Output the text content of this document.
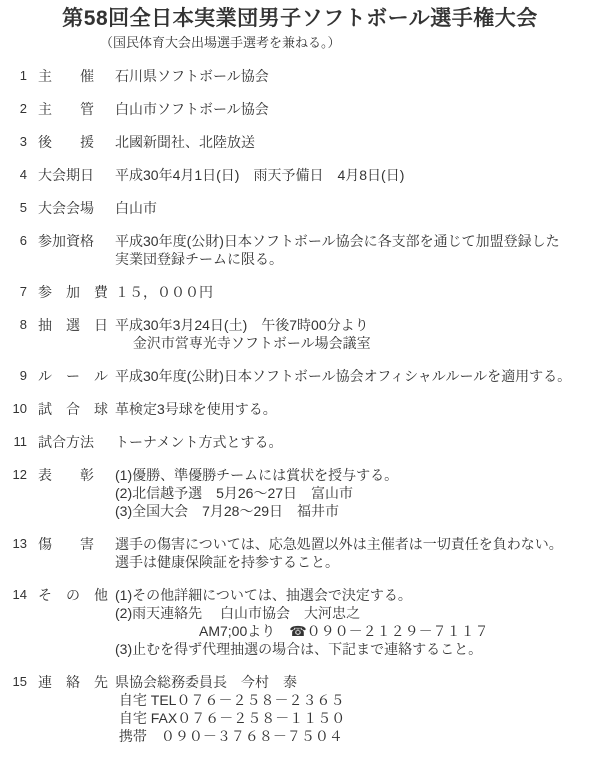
第58回全日本実業団男子ソフトボール選手権大会
（国民体育大会出場選手選考を兼ねる。）
1 主　　催	石川県ソフトボール協会
2 主　　管	白山市ソフトボール協会
3 後　　援	北國新聞社、北陸放送
4 大会期日	平成30年4月1日(日)　雨天予備日　4月8日(日)
5 大会会場	白山市
6 参加資格	平成30年度(公財)日本ソフトボール協会に各支部を通じて加盟登録した
実業団登録チームに限る。
7 参　加　費 １５，０００円
8 抽　選　日 平成30年3月24日(土)　午後7時00分より
　 金沢市営専光寺ソフトボール場会議室
9 ル　ー　ル 平成30年度(公財)日本ソフトボール協会オフィシャルルールを適用する。
10 試　合　球 革検定3号球を使用する。
11 試合方法	トーナメント方式とする。
12 表　　彰	(1)優勝、準優勝チームには賞状を授与する。
(2)北信越予選　5月26～27日　富山市
(3)全国大会　7月28～29日　福井市
13 傷　　害	選手の傷害については、応急処置以外は主催者は一切責任を負わない。
選手は健康保険証を持参すること。
14 そ　の　他 (1)その他詳細については、抽選会で決定する。
(2)雨天連絡先　 白山市協会　大河忠之
　　　　　　AM7;00より　☎０９０－２１２９－７１１７
(3)止むを得ず代理抽選の場合は、下記まで連絡すること。
15 連　絡　先 県協会総務委員長　今村　泰
自宅 TEL０７６－２５８－２３６５
自宅 FAX０７６－２５８－１１５０
携帯　０９０－３７６８－７５０４
